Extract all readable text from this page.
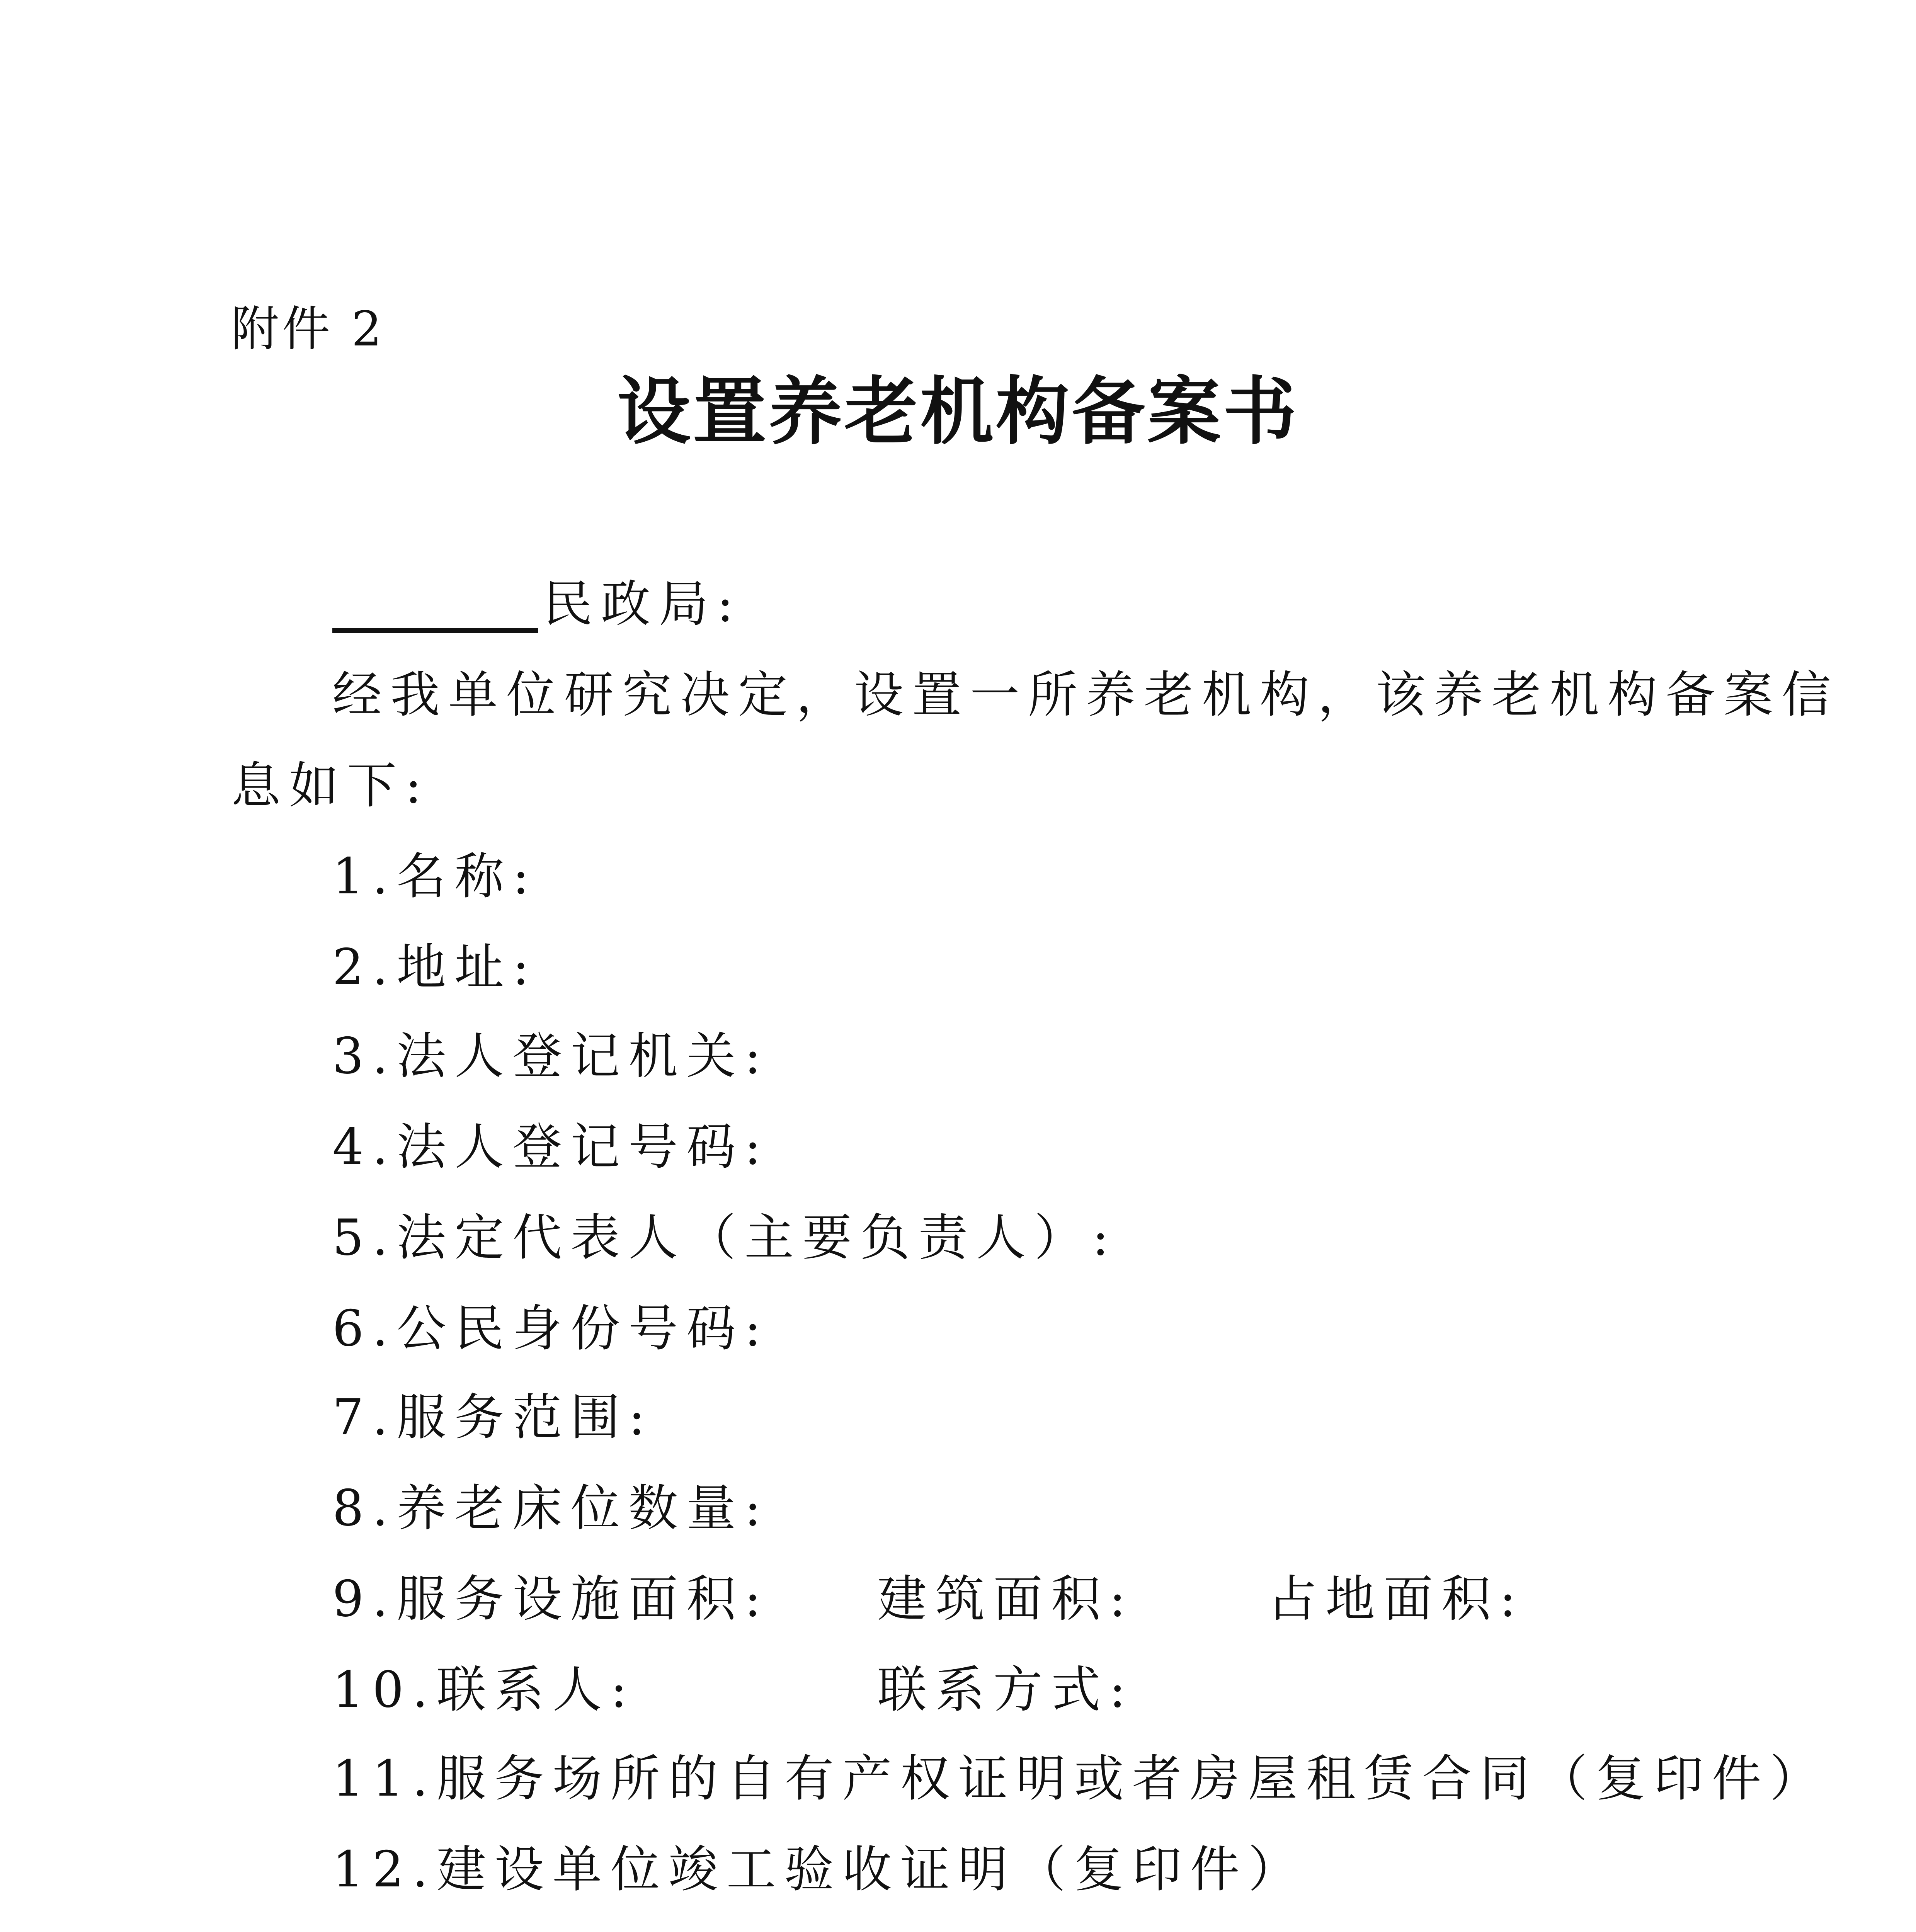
附件 2
设置养老机构备案书
民政局:
经我单位研究决定，设置一所养老机构，该养老机构备案信
息如下:
1.名称:
2.地址:
3.法人登记机关:
4.法人登记号码:
5.法定代表人（主要负责人）:
6.公民身份号码:
7.服务范围:
8.养老床位数量:
9.服务设施面积: 建筑面积:	占地面积:
10.联系人:	联系方式:
11.服务场所的自有产权证明或者房屋租赁合同（复印件）
12.建设单位竣工验收证明（复印件）
